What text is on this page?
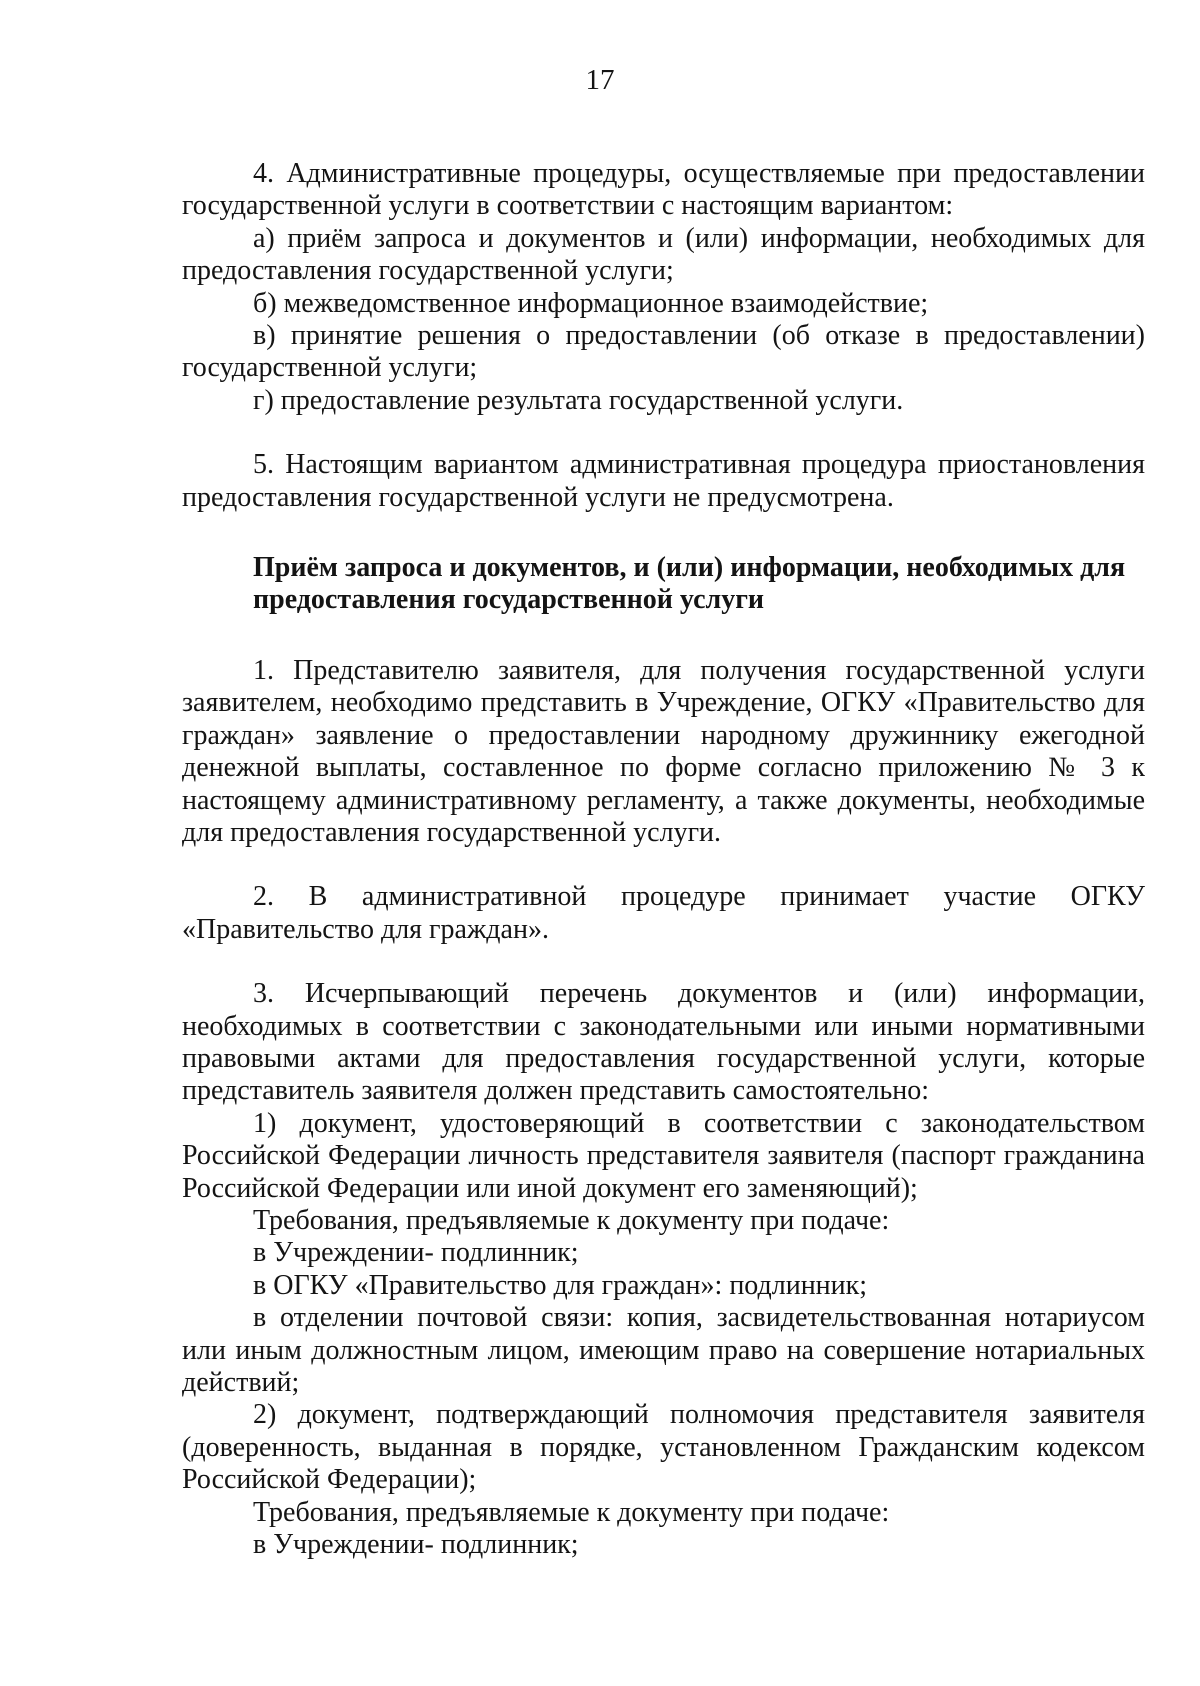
17

4. Административные процедуры, осуществляемые при предоставлении государственной услуги в соответствии с настоящим вариантом:

а) приём запроса и документов и (или) информации, необходимых для предоставления государственной услуги;

б) межведомственное информационное взаимодействие;

в) принятие решения о предоставлении (об отказе в предоставлении) государственной услуги;

г) предоставление результата государственной услуги.

5. Настоящим вариантом административная процедура приостановления предоставления государственной услуги не предусмотрена.

Приём запроса и документов, и (или) информации, необходимых для
предоставления государственной услуги

1. Представителю заявителя, для получения государственной услуги заявителем, необходимо представить в Учреждение, ОГКУ «Правительство для граждан» заявление о предоставлении народному дружиннику ежегодной денежной выплаты, составленное по форме согласно приложению № 3 к настоящему административному регламенту, а также документы, необходимые для предоставления государственной услуги.

2. В административной процедуре принимает участие ОГКУ «Правительство для граждан».

3. Исчерпывающий перечень документов и (или) информации, необходимых в соответствии с законодательными или иными нормативными правовыми актами для предоставления государственной услуги, которые представитель заявителя должен представить самостоятельно:

1) документ, удостоверяющий в соответствии с законодательством Российской Федерации личность представителя заявителя (паспорт гражданина Российской Федерации или иной документ его заменяющий);

Требования, предъявляемые к документу при подаче:

в Учреждении- подлинник;

в ОГКУ «Правительство для граждан»: подлинник;

в отделении почтовой связи: копия, засвидетельствованная нотариусом или иным должностным лицом, имеющим право на совершение нотариальных действий;

2) документ, подтверждающий полномочия представителя заявителя (доверенность, выданная в порядке, установленном Гражданским кодексом Российской Федерации);

Требования, предъявляемые к документу при подаче:

в Учреждении- подлинник;
